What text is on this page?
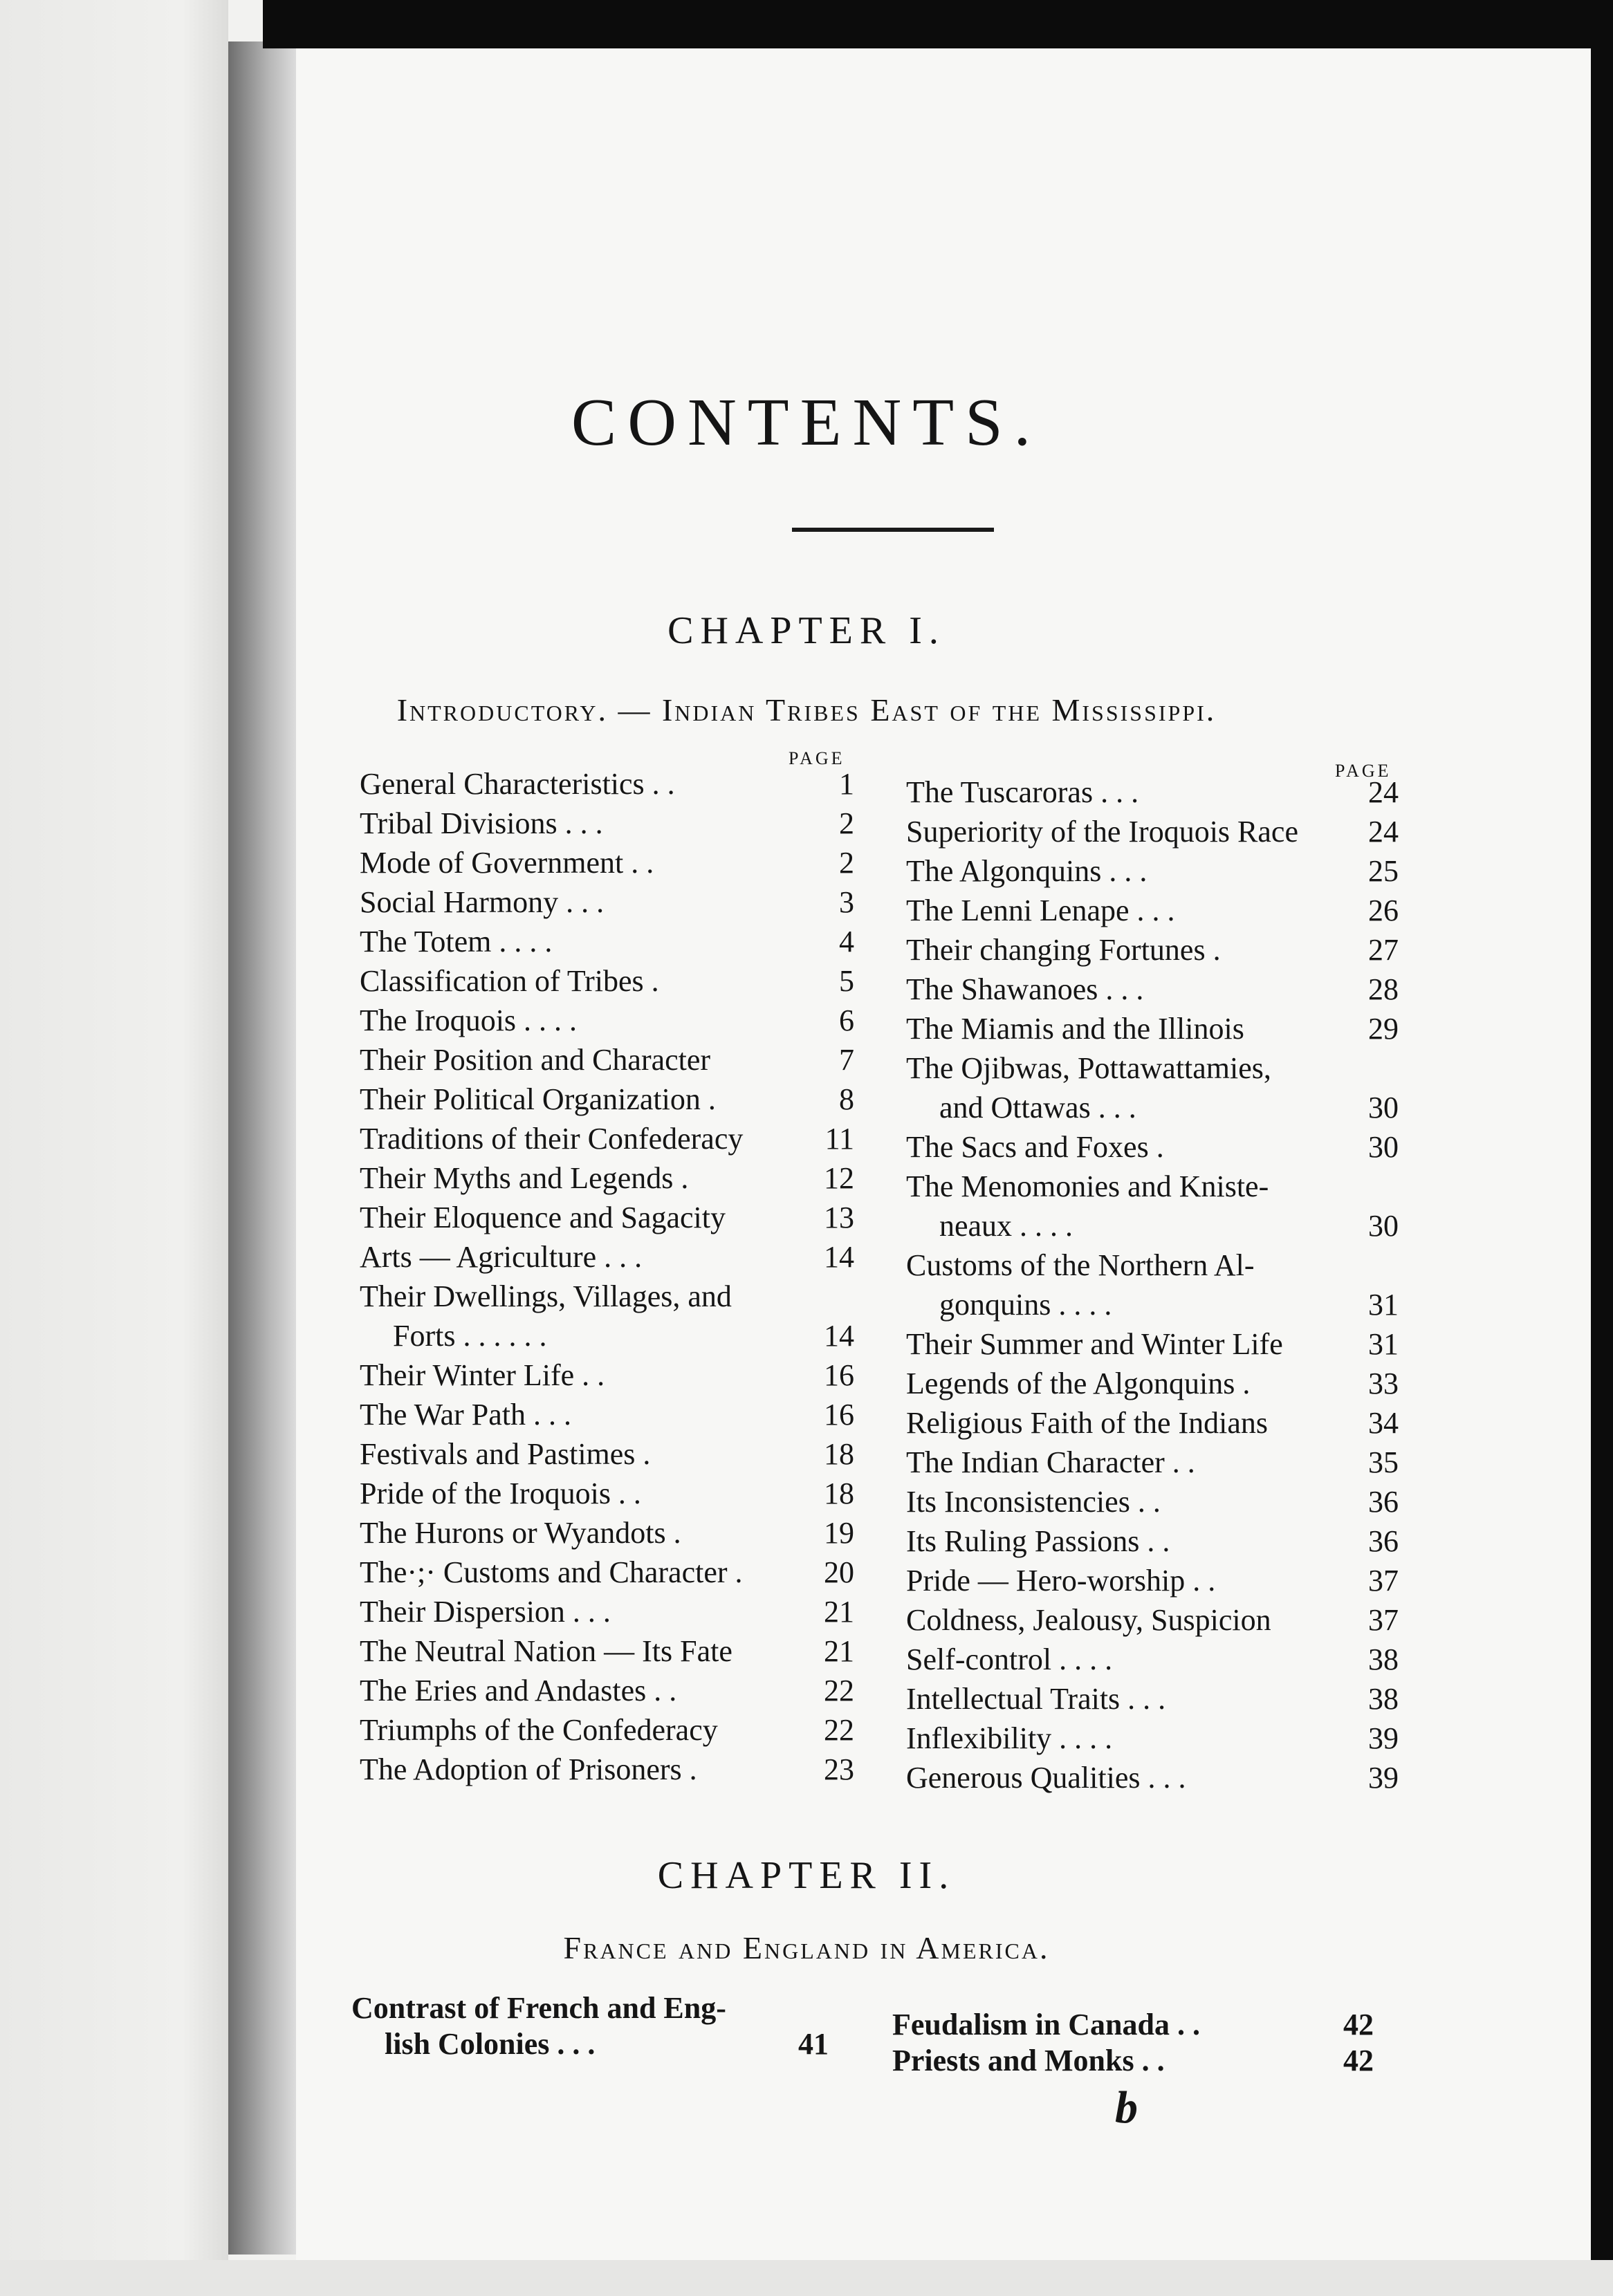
CONTENTS.
CHAPTER I.
Introductory. — Indian Tribes East of the Mississippi.
PAGE
PAGE
General Characteristics . .	1
Tribal Divisions . . .	2
Mode of Government . .	2
Social Harmony . . .	3
The Totem . . . .	4
Classification of Tribes .	5
The Iroquois . . . .	6
Their Position and Character	7
Their Political Organization .	8
Traditions of their Confederacy	11
Their Myths and Legends .	12
Their Eloquence and Sagacity	13
Arts — Agriculture . . .	14
Their Dwellings, Villages, and
Forts . . . . . .	14
Their Winter Life . .	16
The War Path . . .	16
Festivals and Pastimes .	18
Pride of the Iroquois . .	18
The Hurons or Wyandots .	19
The·;· Customs and Character .	20
Their Dispersion . . .	21
The Neutral Nation — Its Fate	21
The Eries and Andastes . .	22
Triumphs of the Confederacy	22
The Adoption of Prisoners .	23
The Tuscaroras . . .	24
Superiority of the Iroquois Race 24
The Algonquins . . .	25
The Lenni Lenape . . .	26
Their changing Fortunes .	27
The Shawanoes . . .	28
The Miamis and the Illinois	29
The Ojibwas, Pottawattamies,
and Ottawas . . .	30
The Sacs and Foxes .	30
The Menomonies and Kniste-
neaux . . . .	30
Customs of the Northern Al-
gonquins . . . .	31
Their Summer and Winter Life	31
Legends of the Algonquins .	33
Religious Faith of the Indians	34
The Indian Character . .	35
Its Inconsistencies . .	36
Its Ruling Passions . .	36
Pride — Hero-worship . .	37
Coldness, Jealousy, Suspicion	37
Self-control . . . .	38
Intellectual Traits . . .	38
Inflexibility . . . .	39
Generous Qualities . . .	39
CHAPTER II.
France and England in America.
Contrast of French and Eng-
lish Colonies . . .	41
Feudalism in Canada . .	42
Priests and Monks . .	42
b
